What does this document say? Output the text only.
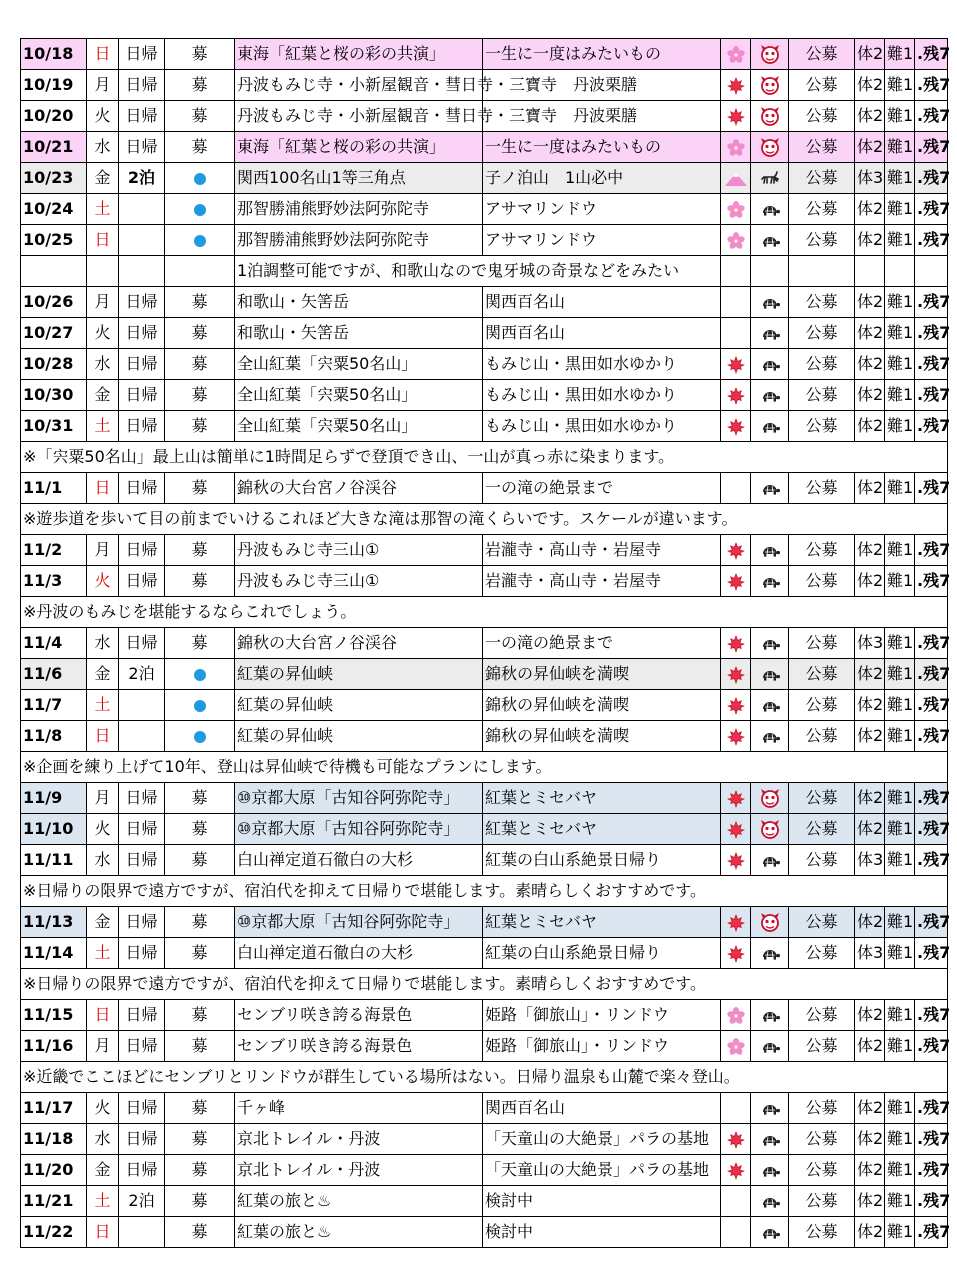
10/18	日	日帰	募	東海「紅葉と桜の彩の共演」	一生に一度はみたいもの			公募	体2	難1	.残7
10/19	月	日帰	募	丹波もみじ寺・小新屋観音・彗日寺・三寶寺　丹波栗膳				公募	体2	難1	.残7
10/20	火	日帰	募	丹波もみじ寺・小新屋観音・彗日寺・三寶寺　丹波栗膳				公募	体2	難1	.残7
10/21	水	日帰	募	東海「紅葉と桜の彩の共演」	一生に一度はみたいもの			公募	体2	難1	.残7
10/23	金	2泊		関西100名山1等三角点	子ノ泊山　1山必中			公募	体3	難1	.残7
10/24	土			那智勝浦熊野妙法阿弥陀寺	アサマリンドウ			公募	体2	難1	.残7
10/25	日			那智勝浦熊野妙法阿弥陀寺	アサマリンドウ			公募	体2	難1	.残7
				1泊調整可能ですが、和歌山なので鬼牙城の奇景などをみたい							
10/26	月	日帰	募	和歌山・矢筈岳	関西百名山			公募	体2	難1	.残7
10/27	火	日帰	募	和歌山・矢筈岳	関西百名山			公募	体2	難1	.残7
10/28	水	日帰	募	全山紅葉「宍粟50名山」	もみじ山・黒田如水ゆかり			公募	体2	難1	.残7
10/30	金	日帰	募	全山紅葉「宍粟50名山」	もみじ山・黒田如水ゆかり			公募	体2	難1	.残7
10/31	土	日帰	募	全山紅葉「宍粟50名山」	もみじ山・黒田如水ゆかり			公募	体2	難1	.残7
※「宍粟50名山」最上山は簡単に1時間足らずで登頂でき山、一山が真っ赤に染まります。											
11/1	日	日帰	募	錦秋の大台宮ノ谷渓谷	一の滝の絶景まで			公募	体2	難1	.残7
※遊歩道を歩いて目の前までいけるこれほど大きな滝は那智の滝くらいです。スケールが違います。											
11/2	月	日帰	募	丹波もみじ寺三山①	岩瀧寺・高山寺・岩屋寺			公募	体2	難1	.残7
11/3	火	日帰	募	丹波もみじ寺三山①	岩瀧寺・高山寺・岩屋寺			公募	体2	難1	.残7
※丹波のもみじを堪能するならこれでしょう。											
11/4	水	日帰	募	錦秋の大台宮ノ谷渓谷	一の滝の絶景まで			公募	体3	難1	.残7
11/6	金	2泊		紅葉の昇仙峡	錦秋の昇仙峡を満喫			公募	体2	難1	.残7
11/7	土			紅葉の昇仙峡	錦秋の昇仙峡を満喫			公募	体2	難1	.残7
11/8	日			紅葉の昇仙峡	錦秋の昇仙峡を満喫			公募	体2	難1	.残7
※企画を練り上げて10年、登山は昇仙峡で待機も可能なプランにします。											
11/9	月	日帰	募	⑩京都大原「古知谷阿弥陀寺」	紅葉とミセバヤ			公募	体2	難1	.残7
11/10	火	日帰	募	⑩京都大原「古知谷阿弥陀寺」	紅葉とミセバヤ			公募	体2	難1	.残7
11/11	水	日帰	募	白山禅定道石徹白の大杉	紅葉の白山系絶景日帰り			公募	体3	難1	.残7
※日帰りの限界で遠方ですが、宿泊代を抑えて日帰りで堪能します。素晴らしくおすすめです。											
11/13	金	日帰	募	⑩京都大原「古知谷阿弥陀寺」	紅葉とミセバヤ			公募	体2	難1	.残7
11/14	土	日帰	募	白山禅定道石徹白の大杉	紅葉の白山系絶景日帰り			公募	体3	難1	.残7
※日帰りの限界で遠方ですが、宿泊代を抑えて日帰りで堪能します。素晴らしくおすすめです。											
11/15	日	日帰	募	センブリ咲き誇る海景色	姫路「御旅山」・リンドウ			公募	体2	難1	.残7
11/16	月	日帰	募	センブリ咲き誇る海景色	姫路「御旅山」・リンドウ			公募	体2	難1	.残7
※近畿でここほどにセンブリとリンドウが群生している場所はない。日帰り温泉も山麓で楽々登山。											
11/17	火	日帰	募	千ヶ峰	関西百名山			公募	体2	難1	.残7
11/18	水	日帰	募	京北トレイル・丹波	「天童山の大絶景」パラの基地			公募	体2	難1	.残7
11/20	金	日帰	募	京北トレイル・丹波	「天童山の大絶景」パラの基地			公募	体2	難1	.残7
11/21	土	2泊	募	紅葉の旅と♨	検討中			公募	体2	難1	.残7
11/22	日		募	紅葉の旅と♨	検討中			公募	体2	難1	.残7
